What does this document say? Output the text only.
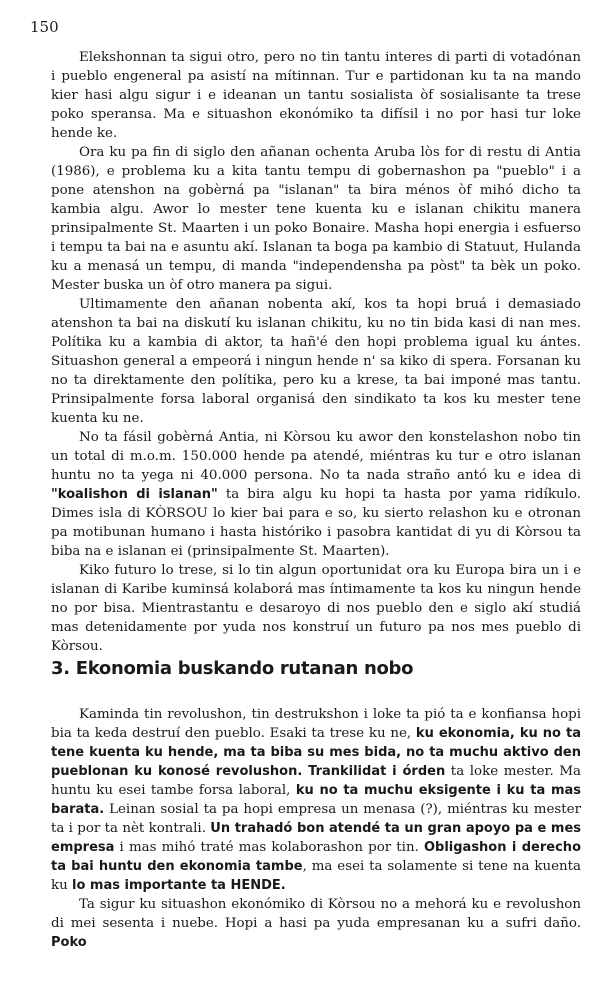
150

Elekshonnan ta sigui otro, pero no tin tantu interes di parti di votadónan i pueblo engeneral pa asistí na mítinnan. Tur e partidonan ku ta na mando kier hasi algu sigur i e ideanan un tantu sosialista òf sosialisante ta trese poko speransa. Ma e situashon ekonómiko ta difísil i no por hasi tur loke hende ke.

Ora ku pa fin di siglo den añanan ochenta Aruba lòs for di restu di Antia (1986), e problema ku a kita tantu tempu di gobernashon pa "pueblo" i a pone atenshon na gobèrná pa "islanan" ta bira ménos òf mihó dicho ta kambia algu. Awor lo mester tene kuenta ku e islanan chikitu manera prinsipalmente St. Maarten i un poko Bonaire. Masha hopi energia i esfuerso i tempu ta bai na e asuntu akí. Islanan ta boga pa kambio di Statuut, Hulanda ku a menasá un tempu, di manda "independensha pa pòst" ta bèk un poko. Mester buska un òf otro manera pa sigui.

Ultimamente den añanan nobenta akí, kos ta hopi bruá i demasiado atenshon ta bai na diskutí ku islanan chikitu, ku no tin bida kasi di nan mes. Polítika ku a kambia di aktor, ta hañ'é den hopi problema igual ku ántes. Situashon general a empeorá i ningun hende n' sa kiko di spera. Forsanan ku no ta direktamente den polítika, pero ku a krese, ta bai imponé mas tantu. Prinsipalmente forsa laboral organisá den sindikato ta kos ku mester tene kuenta ku ne.

No ta fásil gobèrná Antia, ni Kòrsou ku awor den konstelashon nobo tin un total di m.o.m. 150.000 hende pa atendé, miéntras ku tur e otro islanan huntu no ta yega ni 40.000 persona. No ta nada straño antó ku e idea di "koalishon di islanan" ta bira algu ku hopi ta hasta por yama ridíkulo. Dimes isla di KÒRSOU lo kier bai para e so, ku sierto relashon ku e otronan pa motibunan humano i hasta históriko i pasobra kantidat di yu di Kòrsou ta biba na e islanan ei (prinsipalmente St. Maarten).

Kiko futuro lo trese, si lo tin algun oportunidat ora ku Europa bira un i e islanan di Karibe kuminsá kolaborá mas íntimamente ta kos ku ningun hende no por bisa. Mientrastantu e desaroyo di nos pueblo den e siglo akí studiá mas detenidamente por yuda nos konstruí un futuro pa nos mes pueblo di Kòrsou.

3. Ekonomia buskando rutanan nobo

Kaminda tin revolushon, tin destrukshon i loke ta pió ta e konfiansa hopi bia ta keda destruí den pueblo. Esaki ta trese ku ne, ku ekonomia, ku no ta tene kuenta ku hende, ma ta biba su mes bida, no ta muchu aktivo den pueblonan ku konosé revolushon. Trankilidat i órden ta loke mester. Ma huntu ku esei tambe forsa laboral, ku no ta muchu eksigente i ku ta mas barata. Leinan sosial ta pa hopi empresa un menasa (?), miéntras ku mester ta i por ta nèt kontrali. Un trahadó bon atendé ta un gran apoyo pa e mes empresa i mas mihó traté mas kolaborashon por tin. Obligashon i derecho ta bai huntu den ekonomia tambe, ma esei ta solamente si tene na kuenta ku lo mas importante ta HENDE.

Ta sigur ku situashon ekonómiko di Kòrsou no a mehorá ku e revolushon di mei sesenta i nuebe. Hopi a hasi pa yuda empresanan ku a sufri daño. Poko
